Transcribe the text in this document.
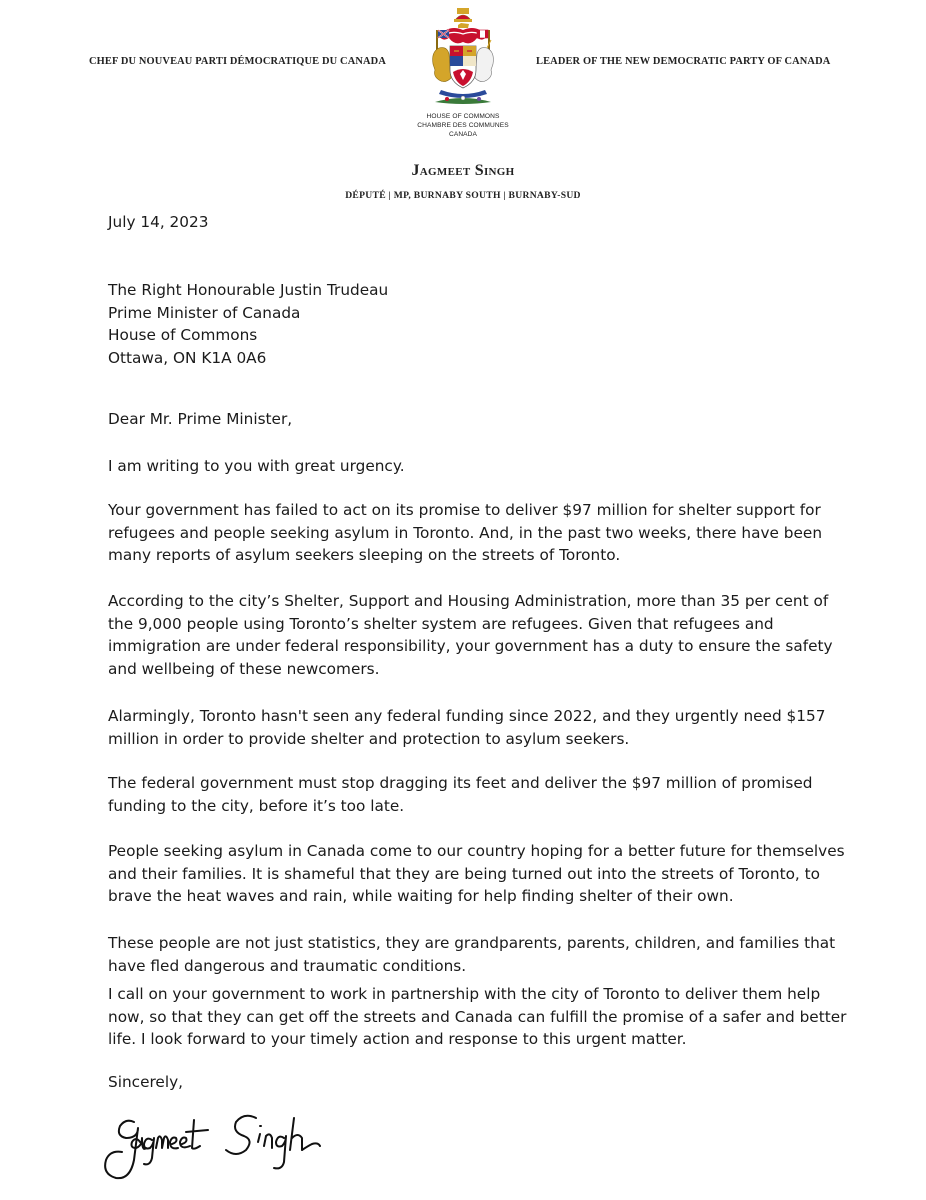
CHEF DU NOUVEAU PARTI DÉMOCRATIQUE DU CANADA	LEADER OF THE NEW DEMOCRATIC PARTY OF CANADA
HOUSE OF COMMONS
CHAMBRE DES COMMUNES
CANADA
Jagmeet Singh
DÉPUTÉ | MP, BURNABY SOUTH | BURNABY-SUD
July 14, 2023

The Right Honourable Justin Trudeau

Prime Minister of Canada

House of Commons

Ottawa, ON K1A 0A6

Dear Mr. Prime Minister,

I am writing to you with great urgency.

Your government has failed to act on its promise to deliver $97 million for shelter support for

refugees and people seeking asylum in Toronto. And, in the past two weeks, there have been

many reports of asylum seekers sleeping on the streets of Toronto.

According to the city’s Shelter, Support and Housing Administration, more than 35 per cent of

the 9,000 people using Toronto’s shelter system are refugees. Given that refugees and

immigration are under federal responsibility, your government has a duty to ensure the safety

and wellbeing of these newcomers.

Alarmingly, Toronto hasn't seen any federal funding since 2022, and they urgently need $157

million in order to provide shelter and protection to asylum seekers.

The federal government must stop dragging its feet and deliver the $97 million of promised

funding to the city, before it’s too late.

People seeking asylum in Canada come to our country hoping for a better future for themselves

and their families. It is shameful that they are being turned out into the streets of Toronto, to

brave the heat waves and rain, while waiting for help finding shelter of their own.

These people are not just statistics, they are grandparents, parents, children, and families that

have fled dangerous and traumatic conditions.

I call on your government to work in partnership with the city of Toronto to deliver them help

now, so that they can get off the streets and Canada can fulfill the promise of a safer and better

life. I look forward to your timely action and response to this urgent matter.

Sincerely,
